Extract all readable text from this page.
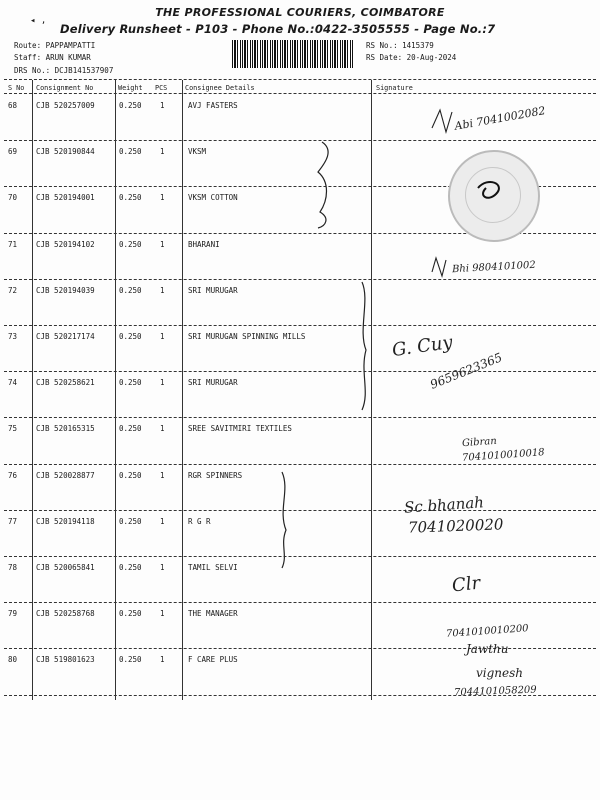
◂ ,
THE PROFESSIONAL COURIERS, COIMBATORE
Delivery Runsheet - P103 - Phone No.:0422-3505555 - Page No.:7
Route: PAPPAMPATTI
Staff: ARUN KUMAR
DRS No.: DCJB141537907
RS No.: 1415379
RS Date: 20-Aug-2024
S No Consignment No	Weight PCS	Consignee Details	Signature
68	CJB 520257009	0.250 1	AVJ FASTERS
69	CJB 520190844	0.250 1	VKSM
70	CJB 520194001	0.250 1	VKSM COTTON
71	CJB 520194102	0.250 1	BHARANI
72	CJB 520194039	0.250 1	SRI MURUGAR
73	CJB 520217174	0.250 1	SRI MURUGAN SPINNING MILLS
74	CJB 520258621	0.250 1	SRI MURUGAR
75	CJB 520165315	0.250 1	SREE SAVITMIRI TEXTILES
76	CJB 520028877	0.250 1	RGR SPINNERS
77	CJB 520194118	0.250 1	R G R
78	CJB 520065841	0.250 1	TAMIL SELVI
79	CJB 520258768	0.250 1	THE MANAGER
80	CJB 519801623	0.250 1	F CARE PLUS
Abi 7041002082
Bhi 9804101002
G. Cuy
9659623365
Gibran
7041010010018
Sc bhanah
7041020020
Clr
7041010010200
Jawthu
vignesh
7044101058209
